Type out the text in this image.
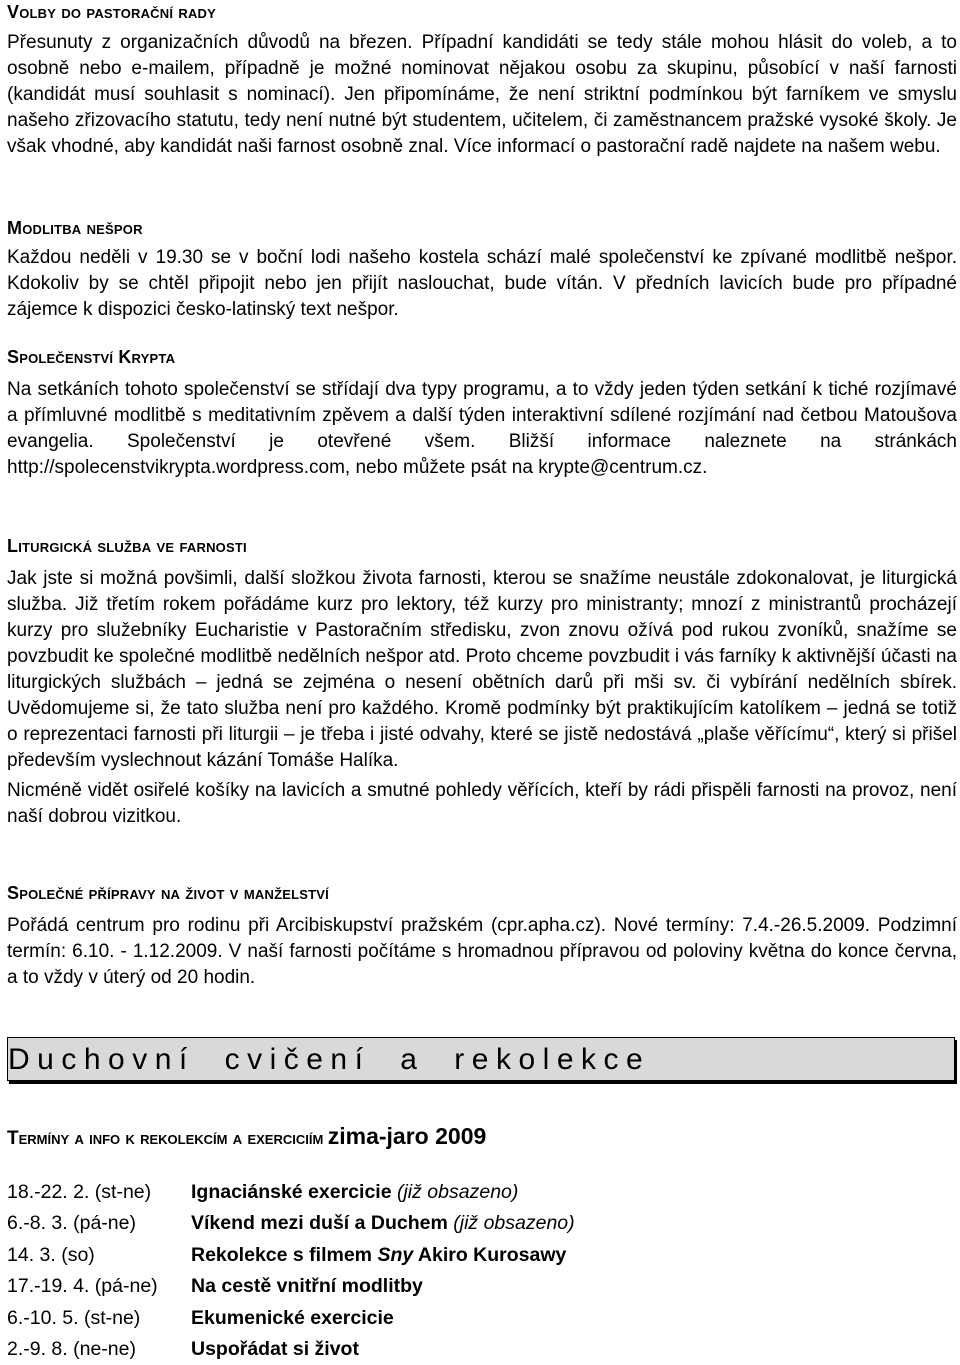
Volby do pastorační rady

Přesunuty z organizačních důvodů na březen. Případní kandidáti se tedy stále mohou hlásit do voleb, a to osobně nebo e-mailem, případně je možné nominovat nějakou osobu za skupinu, působící v naší farnosti (kandidát musí souhlasit s nominací). Jen připomínáme, že není striktní podmínkou být farníkem ve smyslu našeho zřizovacího statutu, tedy není nutné být studentem, učitelem, či zaměstnancem pražské vysoké školy. Je však vhodné, aby kandidát naši farnost osobně znal. Více informací o pastorační radě najdete na našem webu.

Modlitba nešpor

Každou neděli v 19.30 se v boční lodi našeho kostela schází malé společenství ke zpívané modlitbě nešpor. Kdokoliv by se chtěl připojit nebo jen přijít naslouchat, bude vítán. V předních lavicích bude pro případné zájemce k dispozici česko-latinský text nešpor.

Společenství Krypta

Na setkáních tohoto společenství se střídají dva typy programu, a to vždy jeden týden setkání k tiché rozjímavé a přímluvné modlitbě s meditativním zpěvem a další týden interaktivní sdílené rozjímání nad četbou Matoušova evangelia. Společenství je otevřené všem. Bližší informace naleznete na stránkách http://spolecenstvikrypta.wordpress.com, nebo můžete psát na krypte@centrum.cz.

Liturgická služba ve farnosti

Jak jste si možná povšimli, další složkou života farnosti, kterou se snažíme neustále zdokonalovat, je liturgická služba. Již třetím rokem pořádáme kurz pro lektory, též kurzy pro ministranty; mnozí z ministrantů procházejí kurzy pro služebníky Eucharistie v Pastoračním středisku, zvon znovu ožívá pod rukou zvoníků, snažíme se povzbudit ke společné modlitbě nedělních nešpor atd. Proto chceme povzbudit i vás farníky k aktivnější účasti na liturgických službách – jedná se zejména o nesení obětních darů při mši sv. či vybírání nedělních sbírek. Uvědomujeme si, že tato služba není pro každého. Kromě podmínky být praktikujícím katolíkem – jedná se totiž o reprezentaci farnosti při liturgii – je třeba i jisté odvahy, které se jistě nedostává „plaše věřícímu“, který si přišel především vyslechnout kázání Tomáše Halíka.

Nicméně vidět osiřelé košíky na lavicích a smutné pohledy věřících, kteří by rádi přispěli farnosti na provoz, není naší dobrou vizitkou.

Společné přípravy na život v manželství

Pořádá centrum pro rodinu při Arcibiskupství pražském (cpr.apha.cz). Nové termíny: 7.4.-26.5.2009. Podzimní termín: 6.10. - 1.12.2009. V naší farnosti počítáme s hromadnou přípravou od poloviny května do konce června, a to vždy v úterý od 20 hodin.

Duchovní cvičení a rekolekce
Termíny a info k rekolekcím a exerciciím zima-jaro 2009
18.-22. 2. (st-ne) Ignaciánské exercicie (již obsazeno)
6.-8. 3. (pá-ne)	Víkend mezi duší a Duchem (již obsazeno)
14. 3. (so)	Rekolekce s filmem Sny Akiro Kurosawy
17.-19. 4. (pá-ne) Na cestě vnitřní modlitby
6.-10. 5. (st-ne)	Ekumenické exercicie
2.-9. 8. (ne-ne)	Uspořádat si život
